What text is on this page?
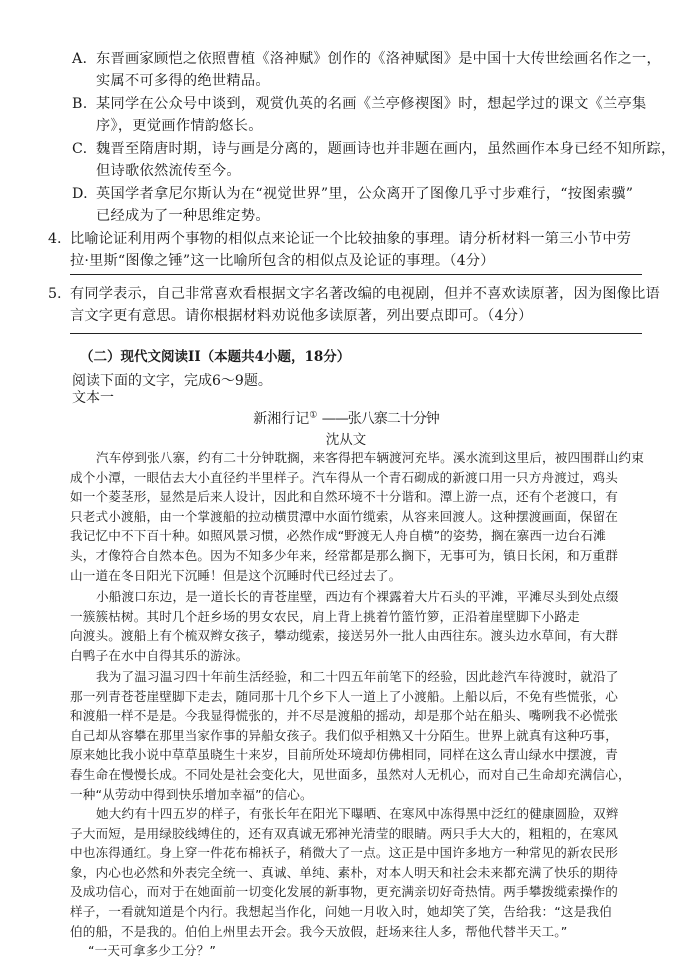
A. 东晋画家顾恺之依照曹植《洛神赋》创作的《洛神赋图》是中国十大传世绘画名作之一，
实属不可多得的绝世精品。
B. 某同学在公众号中谈到，观赏仇英的名画《兰亭修禊图》时，想起学过的课文《兰亭集
序》，更觉画作情韵悠长。
C. 魏晋至隋唐时期，诗与画是分离的，题画诗也并非题在画内，虽然画作本身已经不知所踪，
但诗歌依然流传至今。
D. 英国学者拿尼尔斯认为在“视觉世界”里，公众离开了图像几乎寸步难行，“按图索骥”
已经成为了一种思维定势。
4. 比喻论证利用两个事物的相似点来论证一个比较抽象的事理。请分析材料一第三小节中劳
拉·里斯“图像之锤”这一比喻所包含的相似点及论证的事理。（4分）
5. 有同学表示，自己非常喜欢看根据文字名著改编的电视剧，但并不喜欢读原著，因为图像比语
言文字更有意思。请你根据材料劝说他多读原著，列出要点即可。（4分）
（二）现代文阅读II（本题共4小题，18分）
阅读下面的文字，完成6～9题。
文本一
新湘行记① ——张八寨二十分钟
沈从文
汽车停到张八寨，约有二十分钟耽搁，来客得把车辆渡河充毕。溪水流到这里后，被四围群山约束
成个小潭，一眼估去大小直径约半里样子。汽车得从一个青石砌成的新渡口用一只方舟渡过，鸡头
如一个菱茎形，显然是后来人设计，因此和自然环境不十分谐和。潭上游一点，还有个老渡口，有
只老式小渡船，由一个掌渡船的拉动横贯潭中水面竹缆索，从容来回渡人。这种摆渡画面，保留在
我记忆中不下百十种。如照风景习惯，必然作成“野渡无人舟自横”的姿势，搁在寨西一边台石滩
头，才像符合自然本色。因为不知多少年来，经常都是那么搁下，无事可为，镇日长闲，和万重群
山一道在冬日阳光下沉睡！但是这个沉睡时代已经过去了。
小船渡口东边，是一道长长的青苍崖壁，西边有个裸露着大片石头的平滩，平滩尽头到处点缀
一簇簇枯树。其时几个赶乡场的男女农民，肩上背上挑着竹篮竹箩，正沿着崖壁脚下小路走
向渡头。渡船上有个梳双辫女孩子，攀动缆索，接送另外一批人由西往东。渡头边水草间，有大群
白鸭子在水中自得其乐的游泳。
我为了温习温习四十年前生活经验，和二十四五年前笔下的经验，因此趁汽车待渡时，就沿了
那一列青苍苍崖壁脚下走去，随同那十几个乡下人一道上了小渡船。上船以后，不免有些慌张，心
和渡船一样不是是。今我显得慌张的，并不尽是渡船的摇动，却是那个站在船头、嘴咧我不必慌张
自己却从容攀在那里当家作事的异船女孩子。我们似乎相熟又十分陌生。世界上就真有这种巧事，
原来她比我小说中草草虽晓生十来岁，目前所处环境却仿佛相同，同样在这么青山绿水中摆渡，青
春生命在慢慢长成。不同处是社会变化大，见世面多，虽然对人无机心，而对自己生命却充满信心，
一种“从劳动中得到快乐增加幸福”的信心。
她大约有十四五岁的样子，有张长年在阳光下曝晒、在寒风中冻得黑中泛红的健康圆脸，双辫
子大而短，是用绿胶线缚住的，还有双真诚无邪神光清莹的眼睛。两只手大大的，粗粗的，在寒风
中也冻得通红。身上穿一件花布棉袄子，稍微大了一点。这正是中国许多地方一种常见的新农民形
象，内心也必然和外表完全统一、真诚、单纯、素朴，对本人明天和社会未来都充满了快乐的期待
及成功信心，而对于在她面前一切变化发展的新事物，更充满亲切好奇热情。两手攀拨缆索操作的
样子，一看就知道是个内行。我想起当作化，问她一月收入时，她却笑了笑，告给我：“这是我伯
伯的船，不是我的。伯伯上州里去开会。我今天放假，赶场来往人多，帮他代替半天工。”
“一天可拿多少工分？”
